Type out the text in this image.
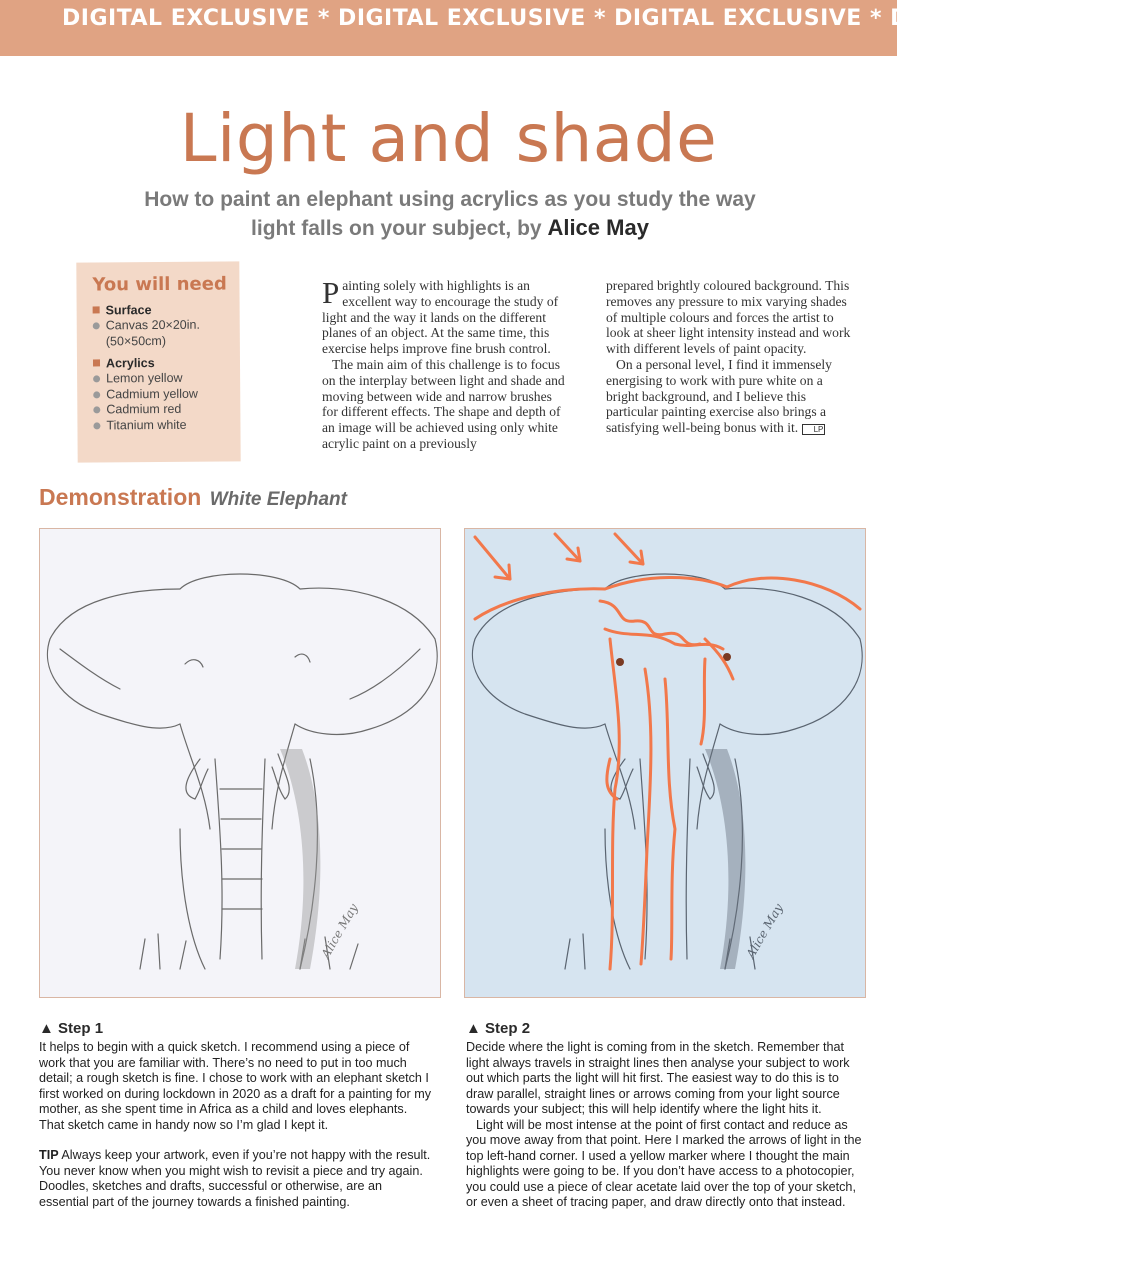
DIGITAL EXCLUSIVE * DIGITAL EXCLUSIVE * DIGITAL EXCLUSIVE * DIGITAL EXCLUSIVE
Light and shade
How to paint an elephant using acrylics as you study the way light falls on your subject, by Alice May
You will need
Surface
Canvas 20×20in. (50×50cm)
Acrylics
Lemon yellow
Cadmium yellow
Cadmium red
Titanium white

Painting solely with highlights is an excellent way to encourage the study of light and the way it lands on the different planes of an object. At the same time, this exercise helps improve fine brush control.

The main aim of this challenge is to focus on the interplay between light and shade and moving between wide and narrow brushes for different effects. The shape and depth of an image will be achieved using only white acrylic paint on a previously

prepared brightly coloured background. This removes any pressure to mix varying shades of multiple colours and forces the artist to look at sheer light intensity instead and work with different levels of paint opacity.

On a personal level, I find it immensely energising to work with pure white on a bright background, and I believe this particular painting exercise also brings a satisfying well-being bonus with it. LP

Demonstration White Elephant
Alice May	Alice May
▲ Step 1

It helps to begin with a quick sketch. I recommend using a piece of work that you are familiar with. There’s no need to put in too much detail; a rough sketch is fine. I chose to work with an elephant sketch I first worked on during lockdown in 2020 as a draft for a painting for my mother, as she spent time in Africa as a child and loves elephants. That sketch came in handy now so I’m glad I kept it.

TIP Always keep your artwork, even if you’re not happy with the result. You never know when you might wish to revisit a piece and try again. Doodles, sketches and drafts, successful or otherwise, are an essential part of the journey towards a finished painting.

▲ Step 2

Decide where the light is coming from in the sketch. Remember that light always travels in straight lines then analyse your subject to work out which parts the light will hit first. The easiest way to do this is to draw parallel, straight lines or arrows coming from your light source towards your subject; this will help identify where the light hits it.

Light will be most intense at the point of first contact and reduce as you move away from that point. Here I marked the arrows of light in the top left-hand corner. I used a yellow marker where I thought the main highlights were going to be. If you don’t have access to a photocopier, you could use a piece of clear acetate laid over the top of your sketch, or even a sheet of tracing paper, and draw directly onto that instead.
